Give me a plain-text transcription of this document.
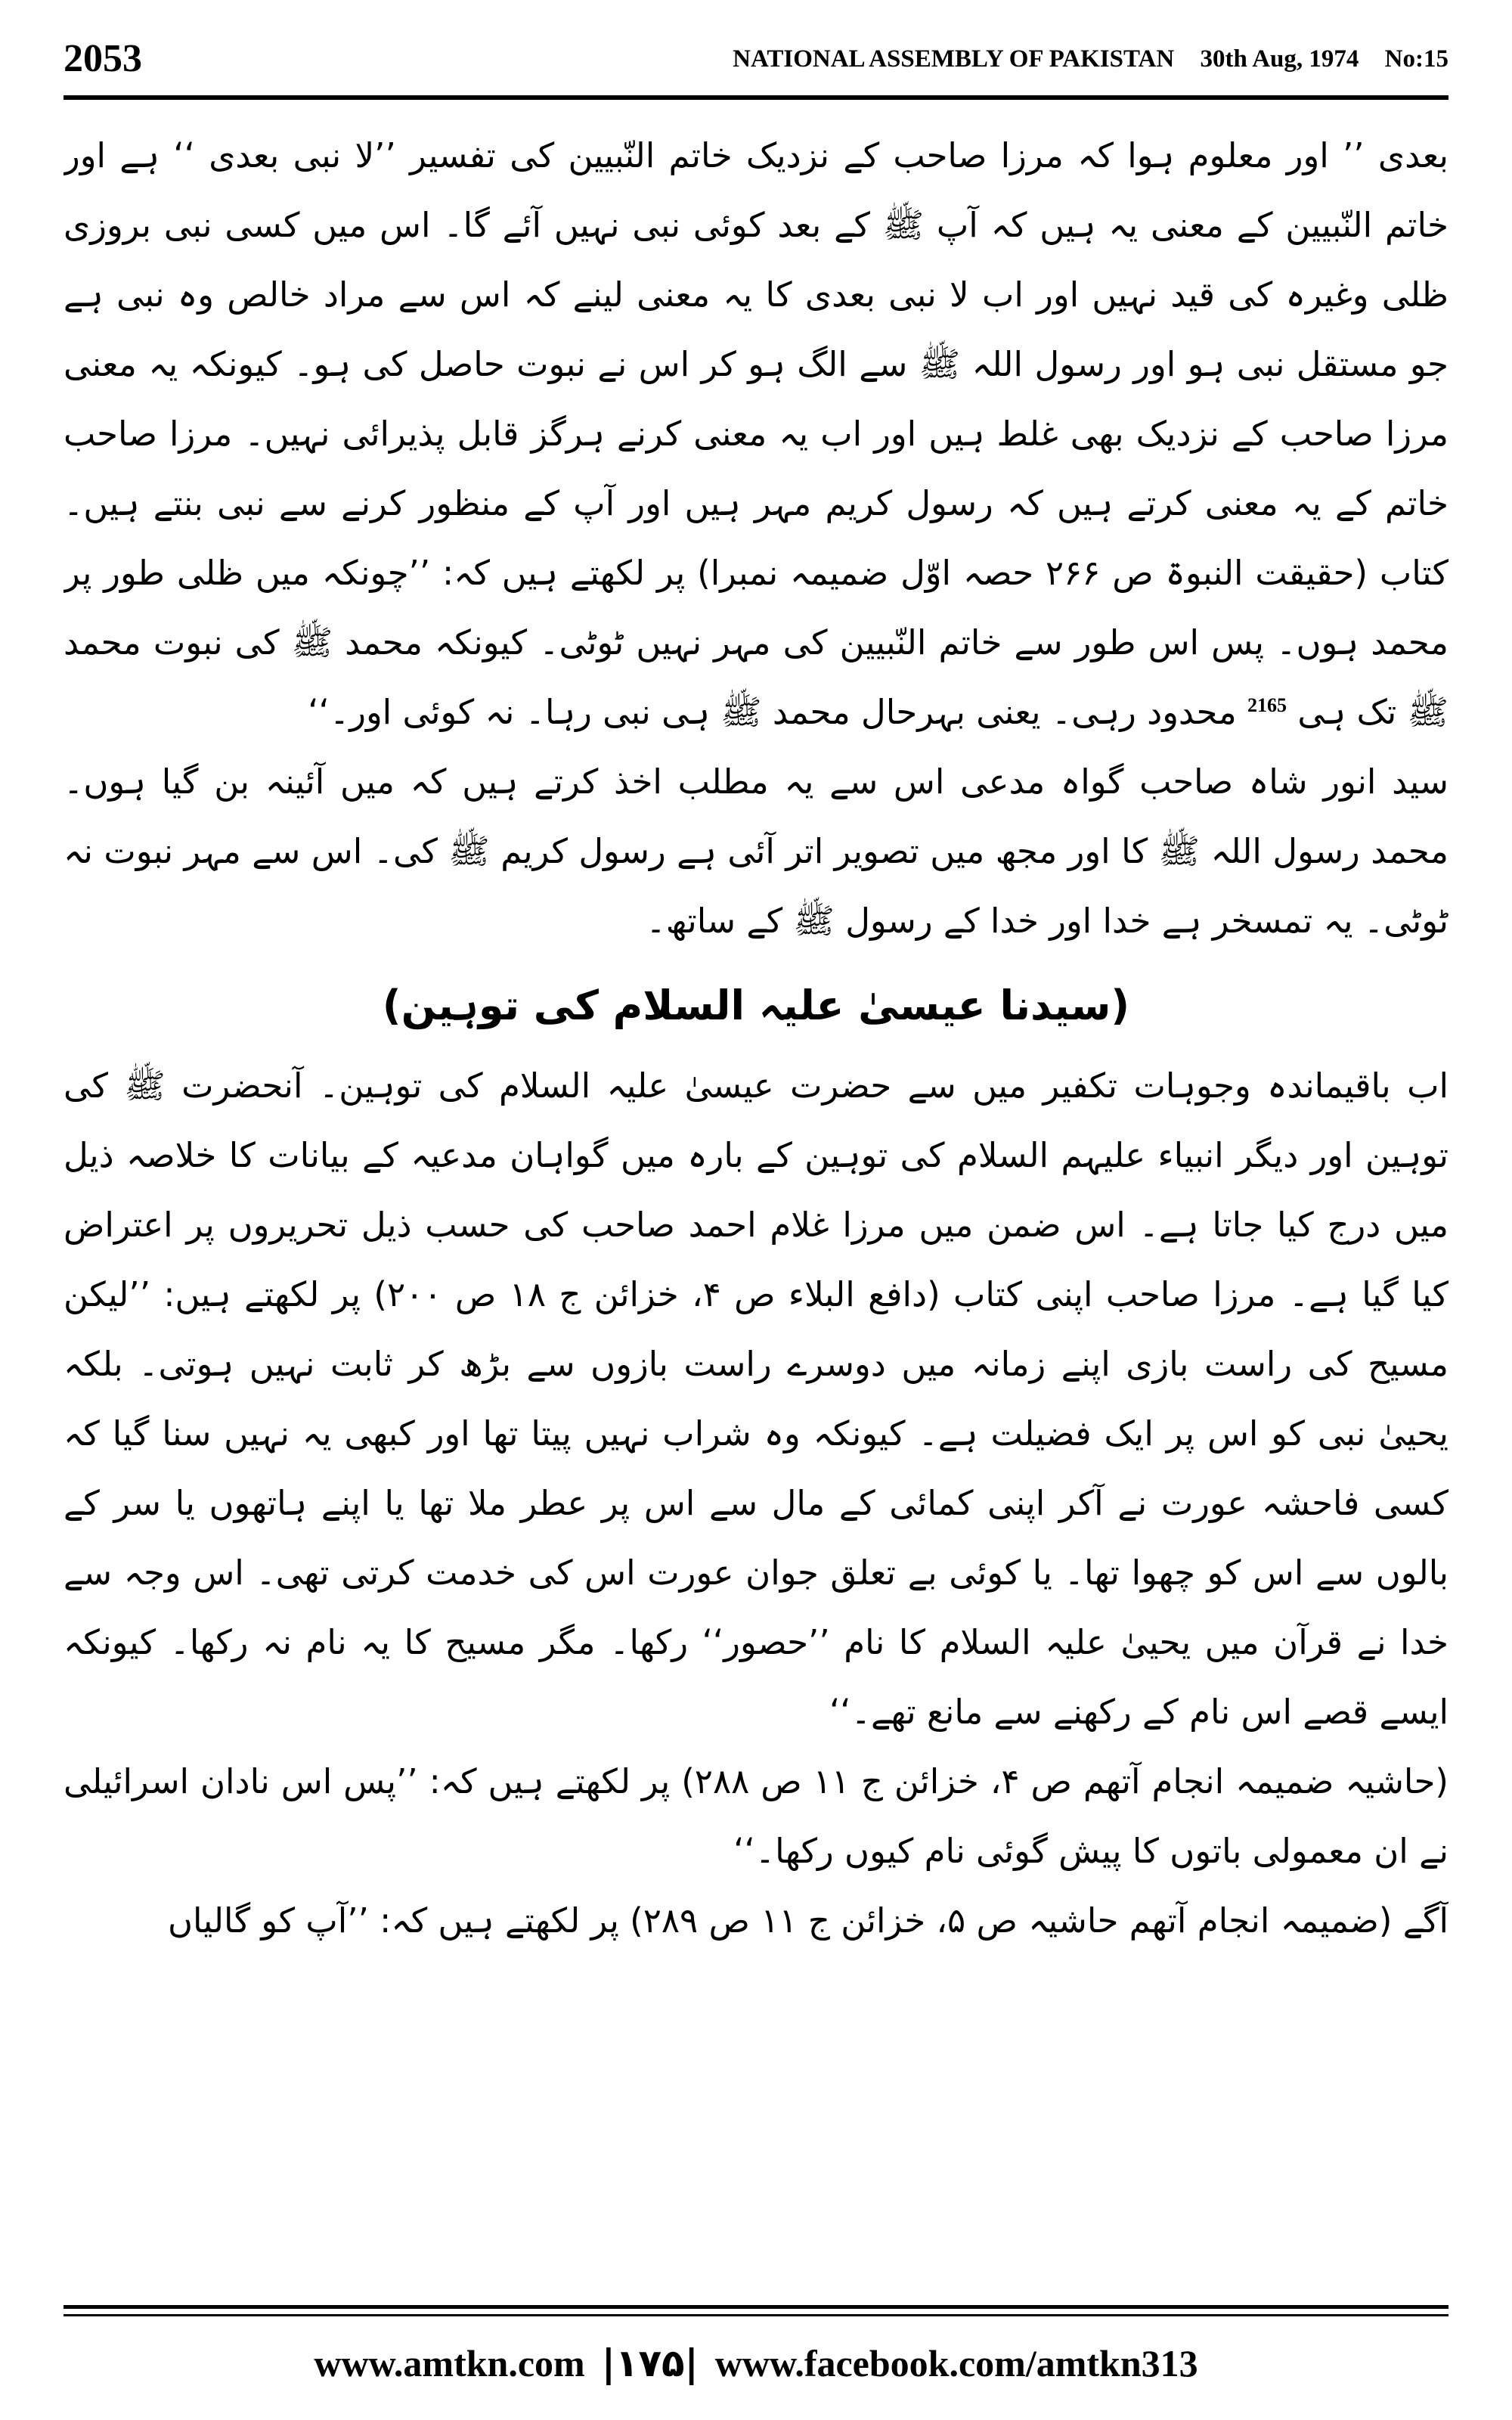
2053	NATIONAL ASSEMBLY OF PAKISTAN 30th Aug, 1974 No:15

بعدی ’’ اور معلوم ہوا کہ مرزا صاحب کے نزدیک خاتم النّبیین کی تفسیر ’’لا نبی بعدی ‘‘ ہے اور خاتم النّبیین کے معنی یہ ہیں کہ آپ ﷺ کے بعد کوئی نبی نہیں آئے گا۔ اس میں کسی نبی بروزی ظلی وغیرہ کی قید نہیں اور اب لا نبی بعدی کا یہ معنی لینے کہ اس سے مراد خالص وہ نبی ہے جو مستقل نبی ہو اور رسول اللہ ﷺ سے الگ ہو کر اس نے نبوت حاصل کی ہو۔ کیونکہ یہ معنی مرزا صاحب کے نزدیک بھی غلط ہیں اور اب یہ معنی کرنے ہرگز قابل پذیرائی نہیں۔ مرزا صاحب خاتم کے یہ معنی کرتے ہیں کہ رسول کریم مہر ہیں اور آپ کے منظور کرنے سے نبی بنتے ہیں۔ کتاب (حقیقت النبوۃ ص ۲۶۶ حصہ اوّل ضمیمہ نمبرا) پر لکھتے ہیں کہ: ’’چونکہ میں ظلی طور پر محمد ہوں۔ پس اس طور سے خاتم النّبیین کی مہر نہیں ٹوٹی۔ کیونکہ محمد ﷺ کی نبوت محمد ﷺ تک ہی $^{2165}$ محدود رہی۔ یعنی بہرحال محمد ﷺ ہی نبی رہا۔ نہ کوئی اور۔‘‘

سید انور شاہ صاحب گواہ مدعی اس سے یہ مطلب اخذ کرتے ہیں کہ میں آئینہ بن گیا ہوں۔ محمد رسول اللہ ﷺ کا اور مجھ میں تصویر اتر آئی ہے رسول کریم ﷺ کی۔ اس سے مہر نبوت نہ ٹوٹی۔ یہ تمسخر ہے خدا اور خدا کے رسول ﷺ کے ساتھ۔

(سیدنا عیسیٰ علیہ السلام کی توہین)

اب باقیماندہ وجوہات تکفیر میں سے حضرت عیسیٰ علیہ السلام کی توہین۔ آنحضرت ﷺ کی توہین اور دیگر انبیاء علیہم السلام کی توہین کے بارہ میں گواہان مدعیہ کے بیانات کا خلاصہ ذیل میں درج کیا جاتا ہے۔ اس ضمن میں مرزا غلام احمد صاحب کی حسب ذیل تحریروں پر اعتراض کیا گیا ہے۔ مرزا صاحب اپنی کتاب (دافع البلاء ص ۴، خزائن ج ۱۸ ص ۲۰۰) پر لکھتے ہیں: ’’لیکن مسیح کی راست بازی اپنے زمانہ میں دوسرے راست بازوں سے بڑھ کر ثابت نہیں ہوتی۔ بلکہ یحییٰ نبی کو اس پر ایک فضیلت ہے۔ کیونکہ وہ شراب نہیں پیتا تھا اور کبھی یہ نہیں سنا گیا کہ کسی فاحشہ عورت نے آکر اپنی کمائی کے مال سے اس پر عطر ملا تھا یا اپنے ہاتھوں یا سر کے بالوں سے اس کو چھوا تھا۔ یا کوئی بے تعلق جوان عورت اس کی خدمت کرتی تھی۔ اس وجہ سے خدا نے قرآن میں یحییٰ علیہ السلام کا نام ’’حصور‘‘ رکھا۔ مگر مسیح کا یہ نام نہ رکھا۔ کیونکہ ایسے قصے اس نام کے رکھنے سے مانع تھے۔‘‘

(حاشیہ ضمیمہ انجام آتھم ص ۴، خزائن ج ۱۱ ص ۲۸۸) پر لکھتے ہیں کہ: ’’پس اس نادان اسرائیلی نے ان معمولی باتوں کا پیش گوئی نام کیوں رکھا۔‘‘

آگے (ضمیمہ انجام آتھم حاشیہ ص ۵، خزائن ج ۱۱ ص ۲۸۹) پر لکھتے ہیں کہ: ’’آپ کو گالیاں

www.amtkn.com |۱۷۵| www.facebook.com/amtkn313
